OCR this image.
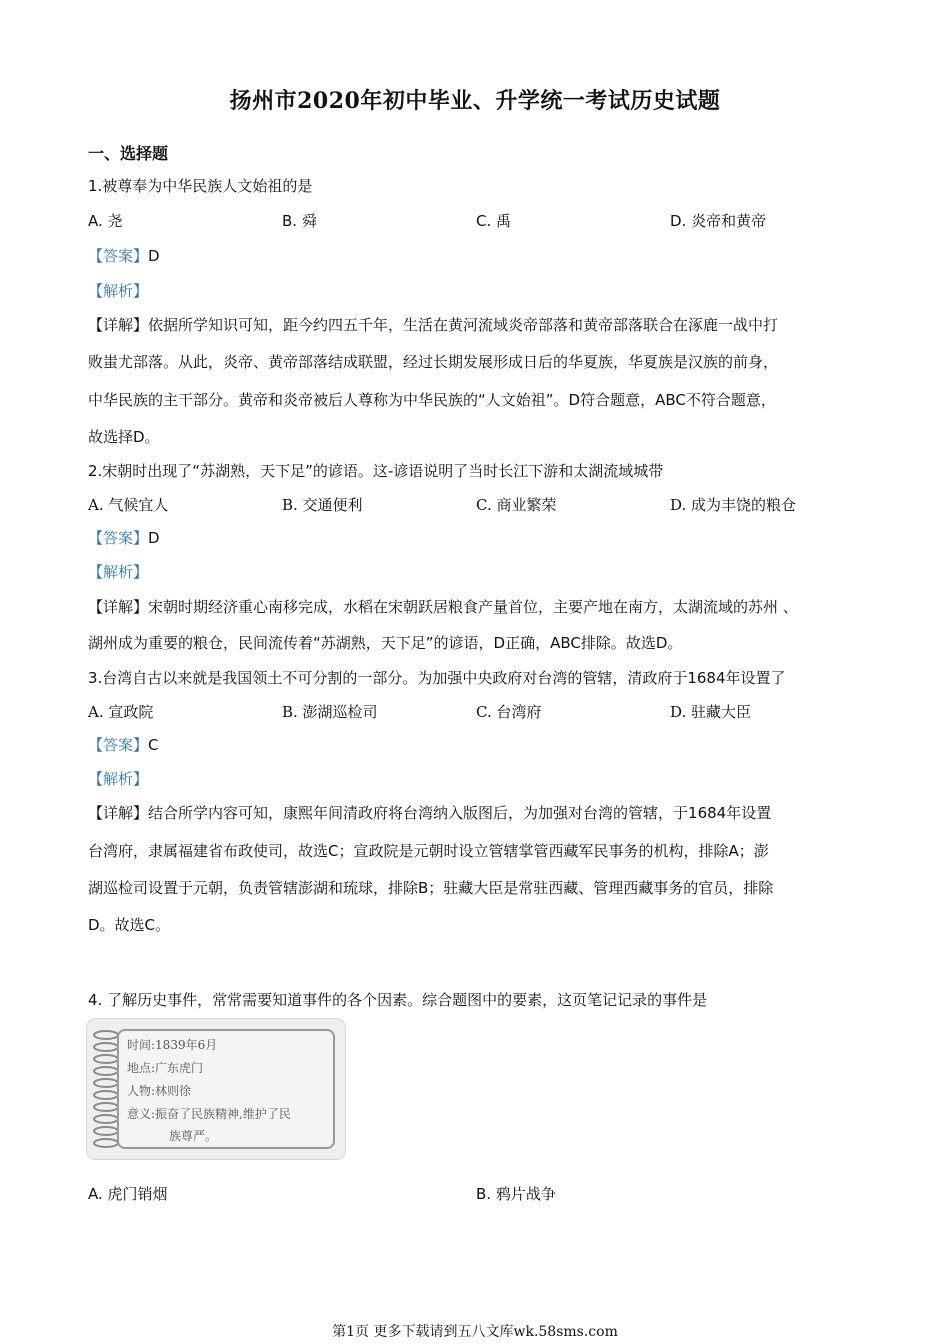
扬州市2020年初中毕业、升学统一考试历史试题
一、选择题
1.被尊奉为中华民族人文始祖的是
A. 尧	B. 舜	C. 禹	D. 炎帝和黄帝
【答案】D
【解析】
【详解】依据所学知识可知，距今约四五千年，生活在黄河流域炎帝部落和黄帝部落联合在涿鹿一战中打
败蚩尤部落。从此，炎帝、黄帝部落结成联盟，经过长期发展形成日后的华夏族，华夏族是汉族的前身，
中华民族的主干部分。黄帝和炎帝被后人尊称为中华民族的“人文始祖”。D符合题意，ABC不符合题意，
故选择D。
2.宋朝时出现了“苏湖熟，天下足”的谚语。这-谚语说明了当时长江下游和太湖流域城带
A. 气候宜人	B. 交通便利	C. 商业繁荣	D. 成为丰饶的粮仓
【答案】D
【解析】
【详解】宋朝时期经济重心南移完成，水稻在宋朝跃居粮食产量首位，主要产地在南方，太湖流域的苏州 、
湖州成为重要的粮仓，民间流传着“苏湖熟，天下足”的谚语，D正确，ABC排除。故选D。
3.台湾自古以来就是我国领土不可分割的一部分。为加强中央政府对台湾的管辖，清政府于1684年设置了
A. 宣政院	B. 澎湖巡检司	C. 台湾府	D. 驻藏大臣
【答案】C
【解析】
【详解】结合所学内容可知，康熙年间清政府将台湾纳入版图后，为加强对台湾的管辖，于1684年设置
台湾府，隶属福建省布政使司，故选C；宣政院是元朝时设立管辖掌管西藏军民事务的机构，排除A；澎
湖巡检司设置于元朝，负责管辖澎湖和琉球，排除B；驻藏大臣是常驻西藏、管理西藏事务的官员，排除
D。故选C。
4. 了解历史事件，常常需要知道事件的各个因素。综合题图中的要素，这页笔记记录的事件是
时间:1839年6月
地点:广东虎门
人物:林则徐
意义:振奋了民族精神,维护了民
族尊严。
A. 虎门销烟	B. 鸦片战争
第1页 更多下载请到五八文库wk.58sms.com
